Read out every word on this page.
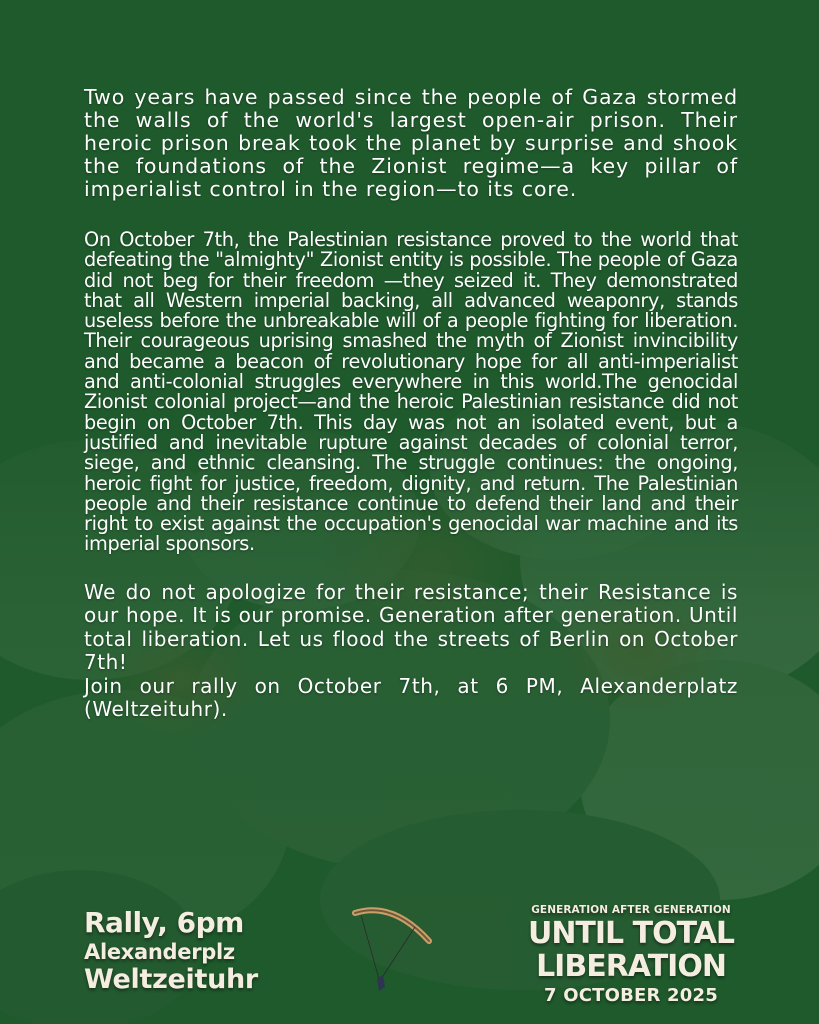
Two years have passed since the people of Gaza stormed the walls of the world's largest open-air prison. Their heroic prison break took the planet by surprise and shook the foundations of the Zionist regime—a key pillar of imperialist control in the region—to its core.

On October 7th, the Palestinian resistance proved to the world that defeating the "almighty" Zionist entity is possible. The people of Gaza did not beg for their freedom —they seized it. They demonstrated that all Western imperial backing, all advanced weaponry, stands useless before the unbreakable will of a people fighting for liberation. Their courageous uprising smashed the myth of Zionist invincibility and became a beacon of revolutionary hope for all anti-imperialist and anti-colonial struggles everywhere in this world.The genocidal Zionist colonial project—and the heroic Palestinian resistance did not begin on October 7th. This day was not an isolated event, but a justified and inevitable rupture against decades of colonial terror, siege, and ethnic cleansing. The struggle continues: the ongoing, heroic fight for justice, freedom, dignity, and return. The Palestinian people and their resistance continue to defend their land and their right to exist against the occupation's genocidal war machine and its imperial sponsors.

We do not apologize for their resistance; their Resistance is our hope. It is our promise. Generation after generation. Until total liberation. Let us flood the streets of Berlin on October 7th!

Join our rally on October 7th, at 6 PM, Alexanderplatz (Weltzeituhr).

Rally, 6pm
Alexanderplz
Weltzeituhr
GENERATION AFTER GENERATION
UNTIL TOTAL
LIBERATION
7 OCTOBER 2025
